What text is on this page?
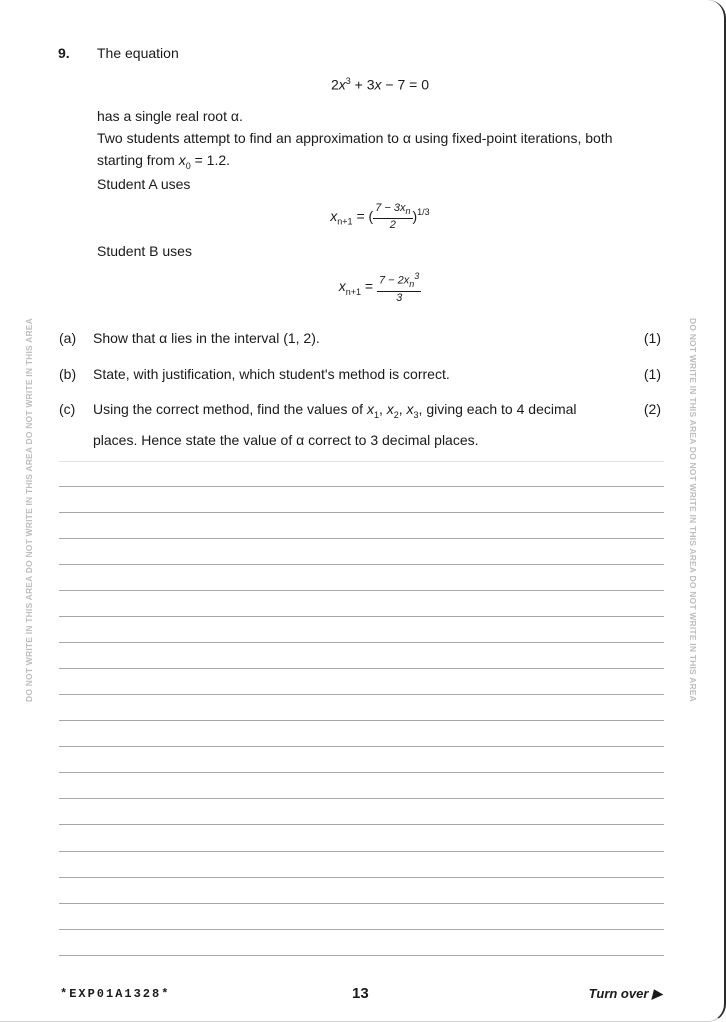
DO NOT WRITE IN THIS AREA DO NOT WRITE IN THIS AREA DO NOT WRITE IN THIS AREA	DO NOT WRITE IN THIS AREA DO NOT WRITE IN THIS AREA DO NOT WRITE IN THIS AREA
9. The equation
$2x^3 + 3x - 7 = 0$
has a single real root α.
Two students attempt to find an approximation to α using fixed-point iterations, both
starting from $x_0 = 1.2$.
Student A uses
$x_{n+1}$ = ( $\frac{7 - 3x_n}{2} )^{1/3}$
Student B uses
$x_{n+1} = \frac{7 - 2x_n^3}{3}$
(a) Show that α lies in the interval (1, 2).	(1)
(b) State, with justification, which student's method is correct.	(1)
(c) Using the correct method, find the values of $x_1$, $x_2$, $x_3$, giving each to 4 decimal
places. Hence state the value of α correct to 3 decimal places.
(2)
*EXP01A1328*	13	Turn over ▶
